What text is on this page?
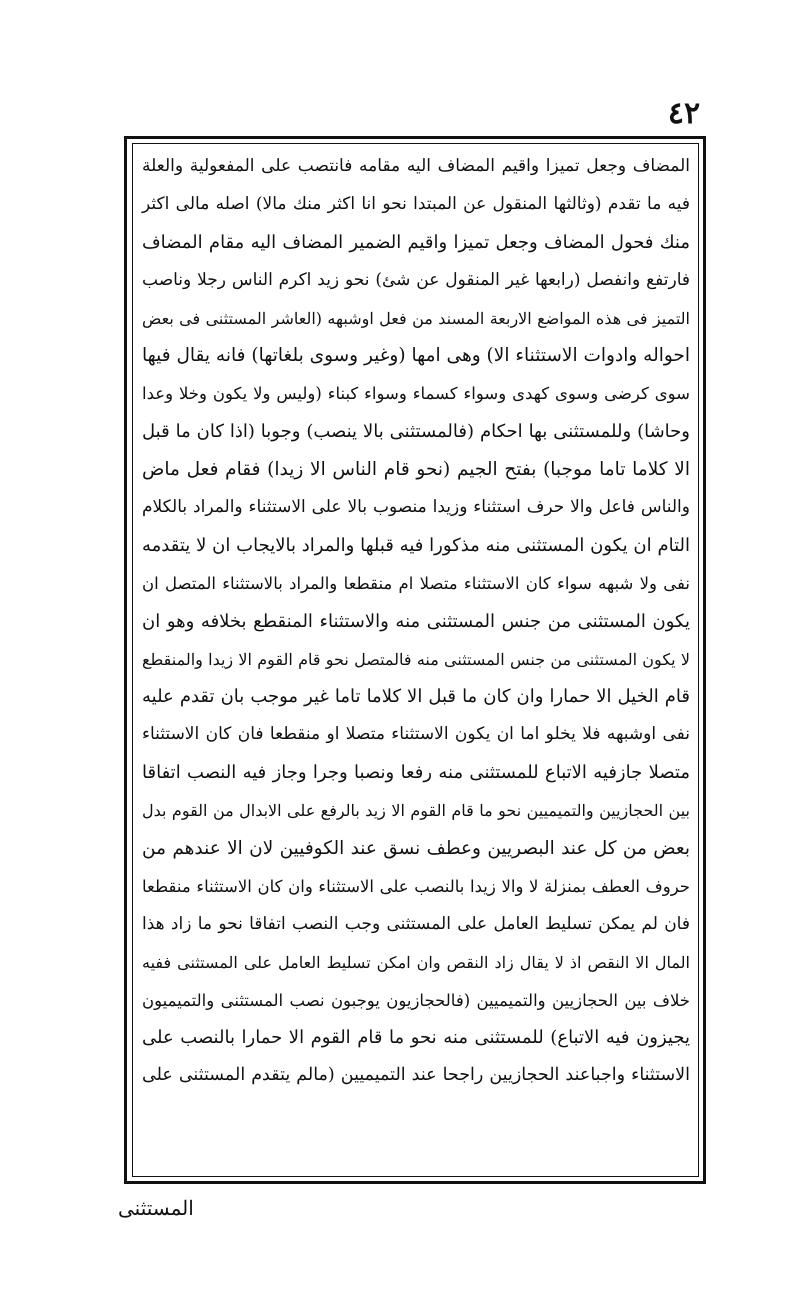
٤٢
المضاف وجعل تميزا واقيم المضاف اليه مقامه فانتصب على المفعولية والعلة
فيه ما تقدم (وثالثها المنقول عن المبتدا نحو انا اكثر منك مالا) اصله مالى اكثر
منك فحول المضاف وجعل تميزا واقيم الضمير المضاف اليه مقام المضاف
فارتفع وانفصل (رابعها غير المنقول عن شئ) نحو زيد اكرم الناس رجلا وناصب
التميز فى هذه المواضع الاربعة المسند من فعل اوشبهه (العاشر المستثنى فى بعض
احواله وادوات الاستثناء الا) وهى امها (وغير وسوى بلغاتها) فانه يقال فيها
سوى كرضى وسوى كهدى وسواء كسماء وسواء كبناء (وليس ولا يكون وخلا وعدا
وحاشا) وللمستثنى بها احكام (فالمستثنى بالا ينصب) وجوبا (اذا كان ما قبل
الا كلاما تاما موجبا) بفتح الجيم (نحو قام الناس الا زيدا) فقام فعل ماض
والناس فاعل والا حرف استثناء وزيدا منصوب بالا على الاستثناء والمراد بالكلام
التام ان يكون المستثنى منه مذكورا فيه قبلها والمراد بالايجاب ان لا يتقدمه
نفى ولا شبهه سواء كان الاستثناء متصلا ام منقطعا والمراد بالاستثناء المتصل ان
يكون المستثنى من جنس المستثنى منه والاستثناء المنقطع بخلافه وهو ان
لا يكون المستثنى من جنس المستثنى منه فالمتصل نحو قام القوم الا زيدا والمنقطع
قام الخيل الا حمارا وان كان ما قبل الا كلاما تاما غير موجب بان تقدم عليه
نفى اوشبهه فلا يخلو اما ان يكون الاستثناء متصلا او منقطعا فان كان الاستثناء
متصلا جازفيه الاتباع للمستثنى منه رفعا ونصبا وجرا وجاز فيه النصب اتفاقا
بين الحجازيين والتميميين نحو ما قام القوم الا زيد بالرفع على الابدال من القوم بدل
بعض من كل عند البصريين وعطف نسق عند الكوفيين لان الا عندهم من
حروف العطف بمنزلة لا والا زيدا بالنصب على الاستثناء وان كان الاستثناء منقطعا
فان لم يمكن تسليط العامل على المستثنى وجب النصب اتفاقا نحو ما زاد هذا
المال الا النقص اذ لا يقال زاد النقص وان امكن تسليط العامل على المستثنى ففيه
خلاف بين الحجازيين والتميميين (فالحجازيون يوجبون نصب المستثنى والتميميون
يجيزون فيه الاتباع) للمستثنى منه نحو ما قام القوم الا حمارا بالنصب على
الاستثناء واجباعند الحجازيين راجحا عند التميميين (مالم يتقدم المستثنى على
المستثنى
